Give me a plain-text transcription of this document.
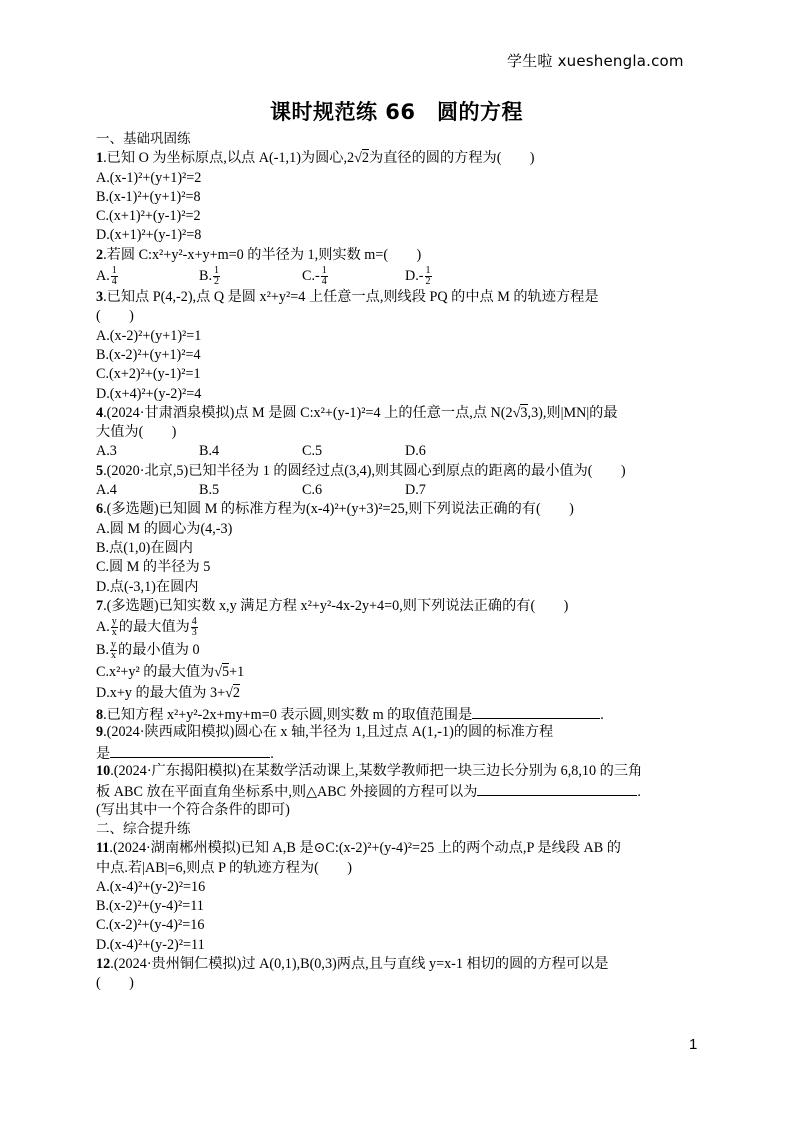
学生啦 xueshengla.com
课时规范练 66　圆的方程
一、基础巩固练
1.已知 O 为坐标原点,以点 A(-1,1)为圆心,2√2为直径的圆的方程为(　　)
A.(x-1)²+(y+1)²=2
B.(x-1)²+(y+1)²=8
C.(x+1)²+(y-1)²=2
D.(x+1)²+(y-1)²=8
2.若圆 C:x²+y²-x+y+m=0 的半径为 1,则实数 m=(　　)
A. $\frac{1}{4}$	B. $\frac{1}{2}$	$C.- \frac{1}{4}$	$D.- \frac{1}{2}$
3.已知点 P(4,-2),点 Q 是圆 x²+y²=4 上任意一点,则线段 PQ 的中点 M 的轨迹方程是
(　　)
A.(x-2)²+(y+1)²=1
B.(x-2)²+(y+1)²=4
C.(x+2)²+(y-1)²=1
D.(x+4)²+(y-2)²=4
4.(2024·甘肃酒泉模拟)点 M 是圆 C:x²+(y-1)²=4 上的任意一点,点 N(2√3,3),则|MN|的最
大值为(　　)
A.3	B.4	C.5	D.6
5.(2020·北京,5)已知半径为 1 的圆经过点(3,4),则其圆心到原点的距离的最小值为(　　)
A.4	B.5	C.6	D.7
6.(多选题)已知圆 M 的标准方程为(x-4)²+(y+3)²=25,则下列说法正确的有(　　)
A.圆 M 的圆心为(4,-3)
B.点(1,0)在圆内
C.圆 M 的半径为 5
D.点(-3,1)在圆内
7.(多选题)已知实数 x,y 满足方程 x²+y²-4x-2y+4=0,则下列说法正确的有(　　)
A. $\frac{y}{x}$ 的最大值为 $\frac{4}{3}$
B. $\frac{y}{x}$ 的最小值为 0
C.x²+y² 的最大值为√5+1
D.x+y 的最大值为 3+√2
8.已知方程 x²+y²-2x+my+m=0 表示圆,则实数 m 的取值范围是	.
9.(2024·陕西咸阳模拟)圆心在 x 轴,半径为 1,且过点 A(1,-1)的圆的标准方程
是	.
10.(2024·广东揭阳模拟)在某数学活动课上,某数学教师把一块三边长分别为 6,8,10 的三角
板 ABC 放在平面直角坐标系中,则△ABC 外接圆的方程可以为	.
(写出其中一个符合条件的即可)
二、综合提升练
11.(2024·湖南郴州模拟)已知 A,B 是⊙C:(x-2)²+(y-4)²=25 上的两个动点,P 是线段 AB 的
中点.若|AB|=6,则点 P 的轨迹方程为(　　)
A.(x-4)²+(y-2)²=16
B.(x-2)²+(y-4)²=11
C.(x-2)²+(y-4)²=16
D.(x-4)²+(y-2)²=11
12.(2024·贵州铜仁模拟)过 A(0,1),B(0,3)两点,且与直线 y=x-1 相切的圆的方程可以是
(　　)
1
